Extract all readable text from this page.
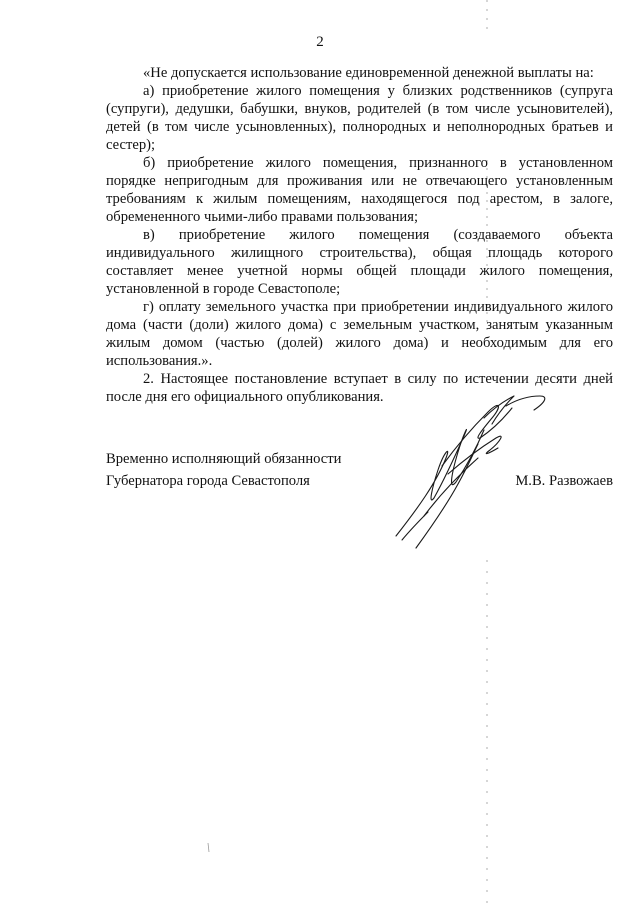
2

«Не допускается использование единовременной денежной выплаты на:

а) приобретение жилого помещения у близких родственников (супруга (супруги), дедушки, бабушки, внуков, родителей (в том числе усыновителей), детей (в том числе усыновленных), полнородных и неполнородных братьев и сестер);

б) приобретение жилого помещения, признанного в установленном порядке непригодным для проживания или не отвечающего установленным требованиям к жилым помещениям, находящегося под арестом, в залоге, обремененного чьими-либо правами пользования;

в) приобретение жилого помещения (создаваемого объекта индивидуального жилищного строительства), общая площадь которого составляет менее учетной нормы общей площади жилого помещения, установленной в городе Севастополе;

г) оплату земельного участка при приобретении индивидуального жилого дома (части (доли) жилого дома) с земельным участком, занятым указанным жилым домом (частью (долей) жилого дома) и необходимым для его использования.».

2. Настоящее постановление вступает в силу по истечении десяти дней после дня его официального опубликования.

Временно исполняющий обязанности
Губернатора города Севастополя	М.В. Развожаев
